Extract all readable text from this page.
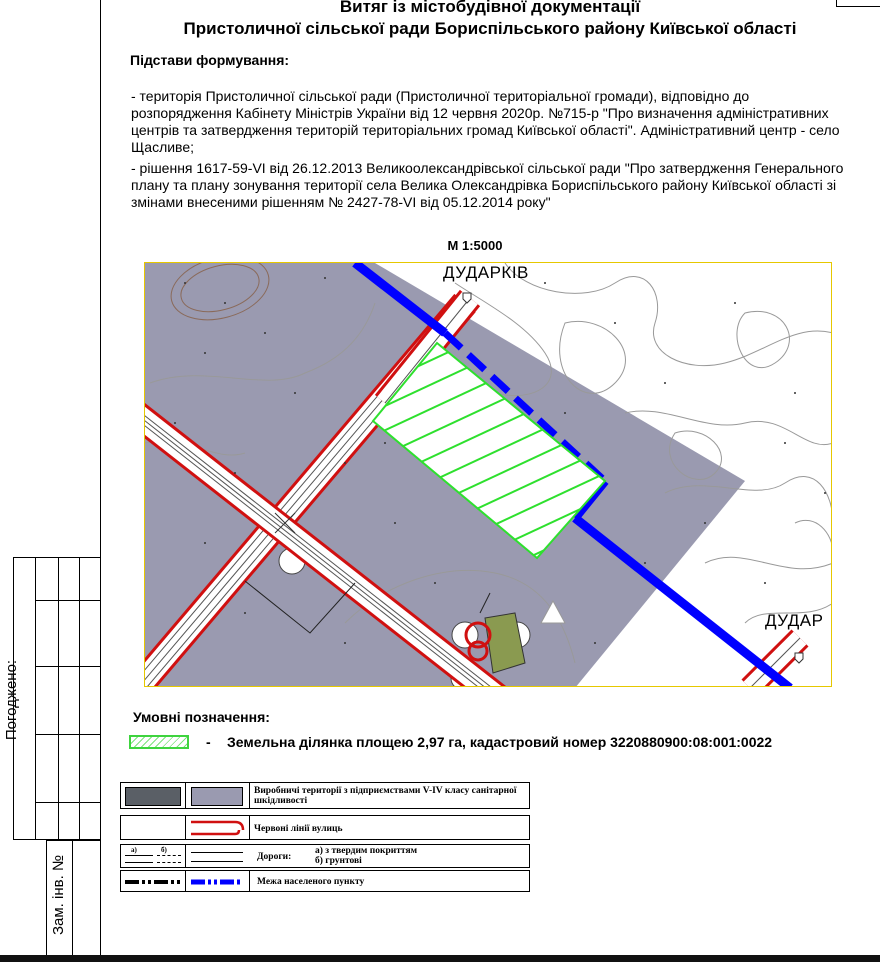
Погоджено:
Зам. інв. №
Витяг із містобудівної документації
Пристоличної сільської ради Бориспільського району Київської області
Підстави формування:
- територія Пристоличної сільської ради (Пристоличної територіальної громади), відповідно до розпорядження Кабінету Міністрів України від 12 червня 2020р. №715-р "Про визначення адміністративних центрів та затвердження територій територіальних громад Київської області". Адміністративний центр - село Щасливе;
- рішення 1617-59-VI від 26.12.2013 Великоолександрівської сільської ради "Про затвердження Генерального плану та плану зонування території села Велика Олександрівка Бориспільського району Київської області зі змінами внесеними рішенням № 2427-78-VI від 05.12.2014 року"
М 1:5000
ДУДАРКІВ
ДУДАР
Умовні позначення:
- Земельна ділянка площею 2,97 га, кадастровий номер 3220880900:08:001:0022
Виробничі території з підприємствами V-IV класу санітарної шкідливості
Червоні лінії вулиць
а)	б)
Дороги:
а) з твердим покриттям
б) грунтові
Межа населеного пункту
